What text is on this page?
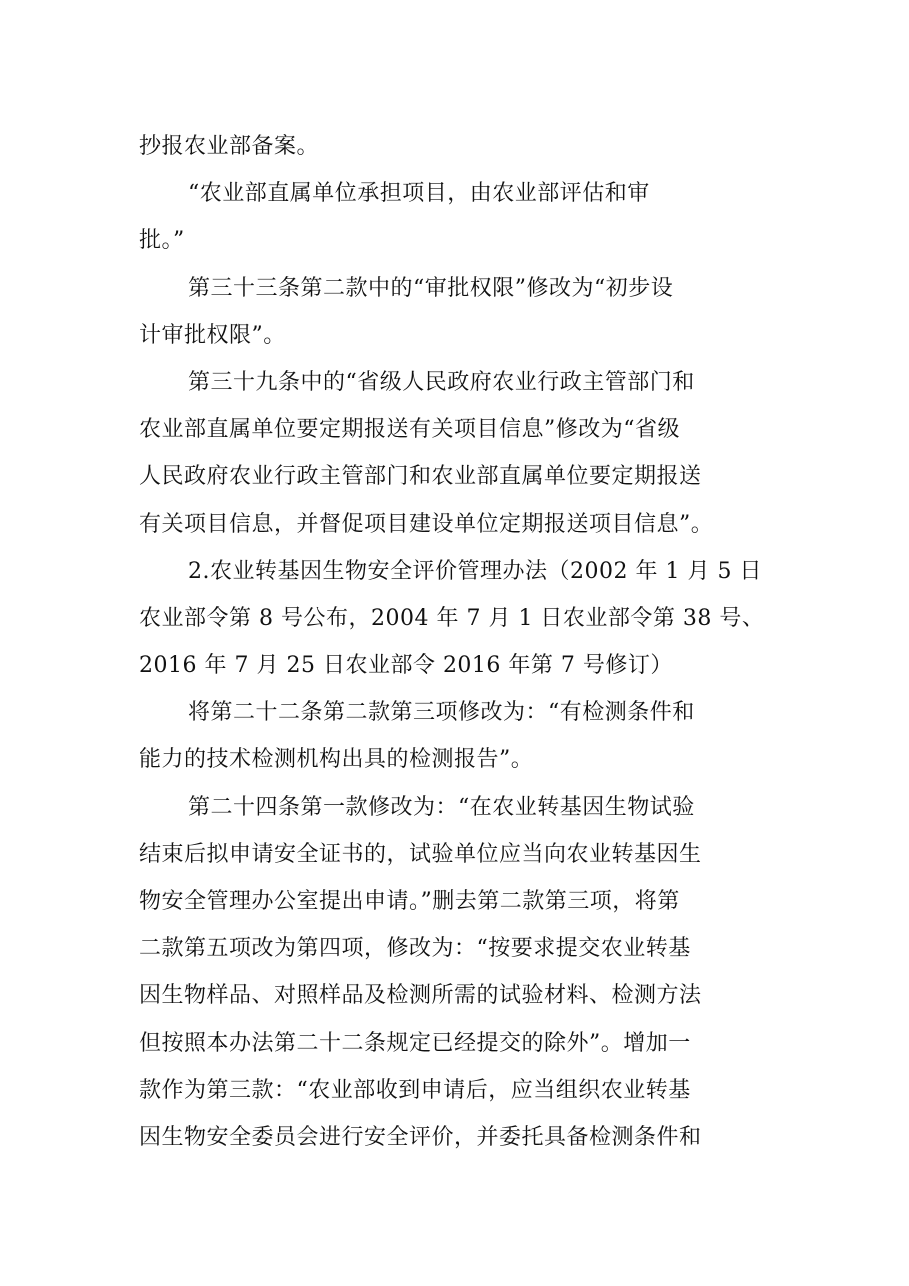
抄报农业部备案。
“农业部直属单位承担项目，由农业部评估和审
批。”
第三十三条第二款中的“审批权限”修改为“初步设
计审批权限”。
第三十九条中的“省级人民政府农业行政主管部门和
农业部直属单位要定期报送有关项目信息”修改为“省级
人民政府农业行政主管部门和农业部直属单位要定期报送
有关项目信息，并督促项目建设单位定期报送项目信息”。
2.农业转基因生物安全评价管理办法（2002 年 1 月 5 日
农业部令第 8 号公布，2004 年 7 月 1 日农业部令第 38 号、
2016 年 7 月 25 日农业部令 2016 年第 7 号修订）
将第二十二条第二款第三项修改为：“有检测条件和
能力的技术检测机构出具的检测报告”。
第二十四条第一款修改为：“在农业转基因生物试验
结束后拟申请安全证书的，试验单位应当向农业转基因生
物安全管理办公室提出申请。”删去第二款第三项，将第
二款第五项改为第四项，修改为：“按要求提交农业转基
因生物样品、对照样品及检测所需的试验材料、检测方法
但按照本办法第二十二条规定已经提交的除外”。增加一
款作为第三款：“农业部收到申请后，应当组织农业转基
因生物安全委员会进行安全评价，并委托具备检测条件和
